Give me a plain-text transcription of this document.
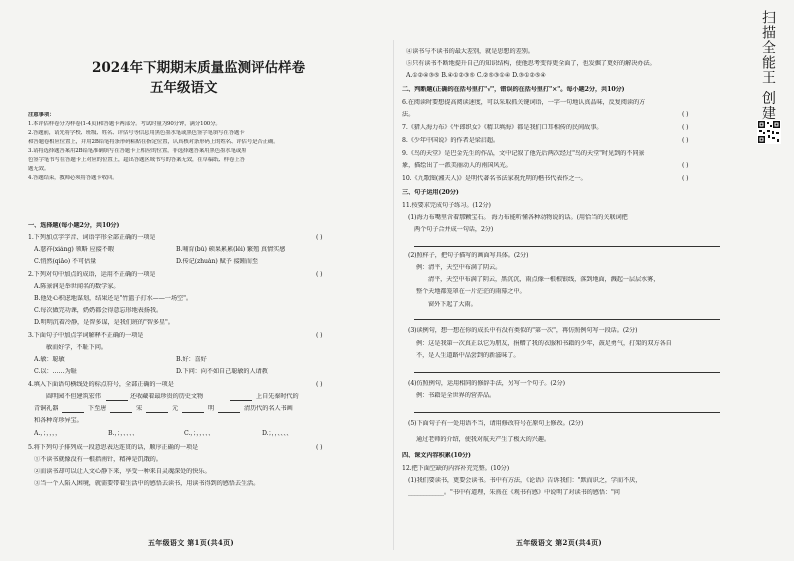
2024年下期期末质量监测评估样卷
五年级语文
注意事项：
1.本评估样卷分为样卷(1-4页)和答题卡两部分。考试时量为90分钟，满分100分。
2.答题前，请先将学校、班级、姓名、评估号等信息用黑色墨水笔或黑色签字笔填写在答题卡
和答题卷相应位置上，并用2B铅笔将条形码粘贴在指定位置，认真核对条形码上的姓名、评估号是否正确。
3.请将选择题答案用2B铅笔准确填写在答题卡上相应的位置，非选择题答案用黑色墨水笔或黑
色签字笔书写在答题卡上对应的位置上，超出答题区域书写的答案无效，在草稿纸、样卷上答
题无效。
4.答题结束，教师必须将答题卡收回。
一、选择题(每小题2分，共10分)
1.下列加点字字音、词语字形全部正确的一项是	( )
A.慈祥(xiáng) 领略 应接不暇	B.哺育(bǔ) 硕果累累(lěi) 繁殖 真情实感
C.悄然(qiǎo) 不可估量	D.传记(zhuàn) 赋予 接踵而至
2.下列对句中加点的成语，运用不正确的一项是	( )
A.陈景润是举世闻名的数学家。
B.他处心积虑地谋划，结果还是"竹篮子打水——一场空"。
C.每次做完功课，奶奶都会得意忘形地表扬我。
D.明明沉着冷静，是智多谋，是我们班的"智多星"。
3.下面句子中加点字词解释不正确的一项是	( )
敏而好学，不耻下问。
A.敏：聪敏	B.好：喜好
C.以：……为耻	D.下问：向不如自己聪敏的人请教
4.填入下面语句横线处的标点符号，全部正确的一项是	( )
圆明园不但建筑宏伟	还收藏着最珍贵的历史文物	上自先秦时代的
青铜礼器	下至唐	宋	元	明	清历代的名人书画
和各种奇珍异宝。
A.，；，，，，	B.，；，、、、、	C.，；，，、、、	D.；，，、、、、
5.将下列句子排列成一段意思表达连贯的话，顺序正确的一项是	( )
①不读书就像没有一根指南针，精神是饥饿的。
②而读书却可以让人文心静下来，享受一种来自灵魂深处的快乐。
③当一个人陷入困境，就需要带着生活中的感悟去读书，用读书得到的感悟去生活。
五年级语文 第1页(共4页)
④读书与不读书的最大差别，就是思想的差别。
⑤只有读书不断地提升自己的知识结构，使他思考变得更全面了，也发掘了更好的解决办法。
A.①②④③⑤ B.④①②③⑤ C.②⑤③①④ D.③①②⑤④
二、判断题(正确的在括号里打"√"，错误的在括号里打"×"。每小题2分，共10分)
6.在阅读时要想提高阅读速度，可以采取抓关键词语，一字一句地认真品味，反复阅读的方
法。	( )
7.《猎人海力布》《牛郎织女》《精卫填海》都是我们口耳相传的民间故事。	( )
8.《少年中国说》的作者是梁启超。	( )
9.《鸟的天堂》是巴金先生的作品，文中记叙了他先后两次经过"鸟的天堂"时见到的不同景
象，描绘出了一派美丽动人的南国风光。	( )
10.《九歌图(湘夫人)》是明代著名书法家祝允明的楷书代表作之一。	( )
三、句子运用(20分)
11.按要求完成句子练习。(12分)
(1)海力布嘴里含着那颗宝石。 海力布能听懂各种动物说的话。(用恰当的关联词把
两个句子合并成一句话，2分)
(2)照样子，把句子描写的画面写具体。(2分)
例：清平，天空中布满了阴云。
清平，天空中布满了阴云，黑沉沉，雨点像一根根银线，落到地面，溅起一层层水雾，
整个天地都笼罩在一片茫茫的雨幕之中。
窗外下起了大雨。
(3)读例句，想一想在你的成长中有没有类似的"第一次"，再仿照例句写一段话。(2分)
例：这是我第一次真正以它为朋友，捐赠了我的衣服和书籍的少年，鼓足勇气，打架的双方各自
不，是人生道路中品尝到的新滋味了。
(4)仿照例句，运用相同的修辞手法，另写一个句子。(2分)
例：书籍是全世界的营养品。
(5)下面句子有一处用语不当，请用修改符号在原句上修改。(2分)
通过老师的介绍，使我对航天产生了极大的兴趣。
四、课文内容积累(10分)
12.把下面空缺的内容补充完整。(10分)
(1)我们要读书，更要会读书。书中有方法，《论语》告诉我们："默而识之，学而不厌，
____________。"书中有道理，朱熹在《观书有感》中说明了对读书的感悟："问
五年级语文 第2页(共4页)
扫描全能王 创建
